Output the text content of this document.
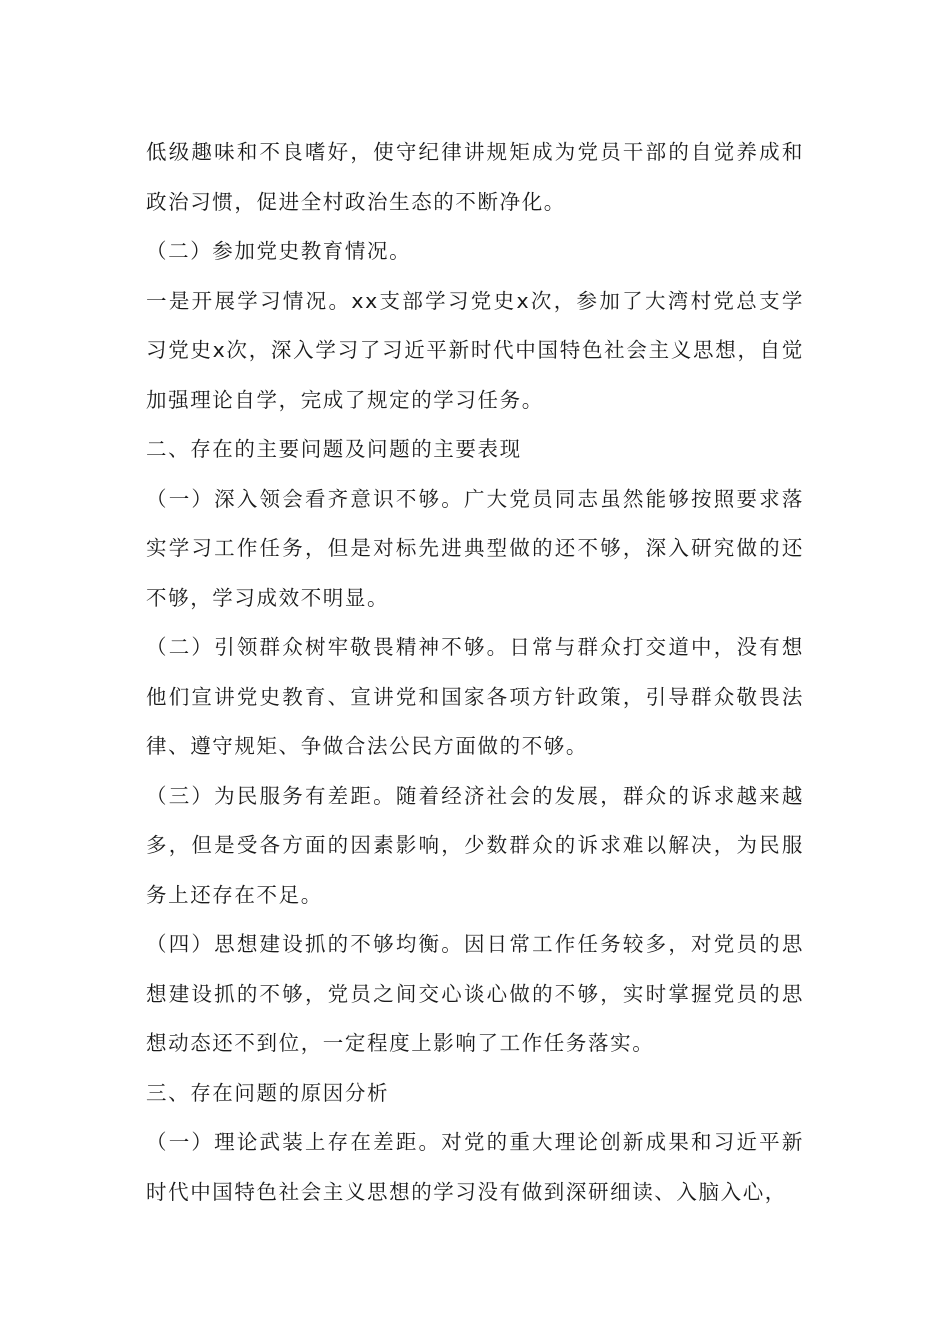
低级趣味和不良嗜好，使守纪律讲规矩成为党员干部的自觉养成和政治习惯，促进全村政治生态的不断净化。

（二）参加党史教育情况。

一是开展学习情况。xx支部学习党史x次，参加了大湾村党总支学习党史x次，深入学习了习近平新时代中国特色社会主义思想，自觉加强理论自学，完成了规定的学习任务。

二、存在的主要问题及问题的主要表现

（一）深入领会看齐意识不够。广大党员同志虽然能够按照要求落实学习工作任务，但是对标先进典型做的还不够，深入研究做的还不够，学习成效不明显。

（二）引领群众树牢敬畏精神不够。日常与群众打交道中，没有想他们宣讲党史教育、宣讲党和国家各项方针政策，引导群众敬畏法律、遵守规矩、争做合法公民方面做的不够。

（三）为民服务有差距。随着经济社会的发展，群众的诉求越来越多，但是受各方面的因素影响，少数群众的诉求难以解决，为民服务上还存在不足。

（四）思想建设抓的不够均衡。因日常工作任务较多，对党员的思想建设抓的不够，党员之间交心谈心做的不够，实时掌握党员的思想动态还不到位，一定程度上影响了工作任务落实。

三、存在问题的原因分析

（一）理论武装上存在差距。对党的重大理论创新成果和习近平新时代中国特色社会主义思想的学习没有做到深研细读、入脑入心，
